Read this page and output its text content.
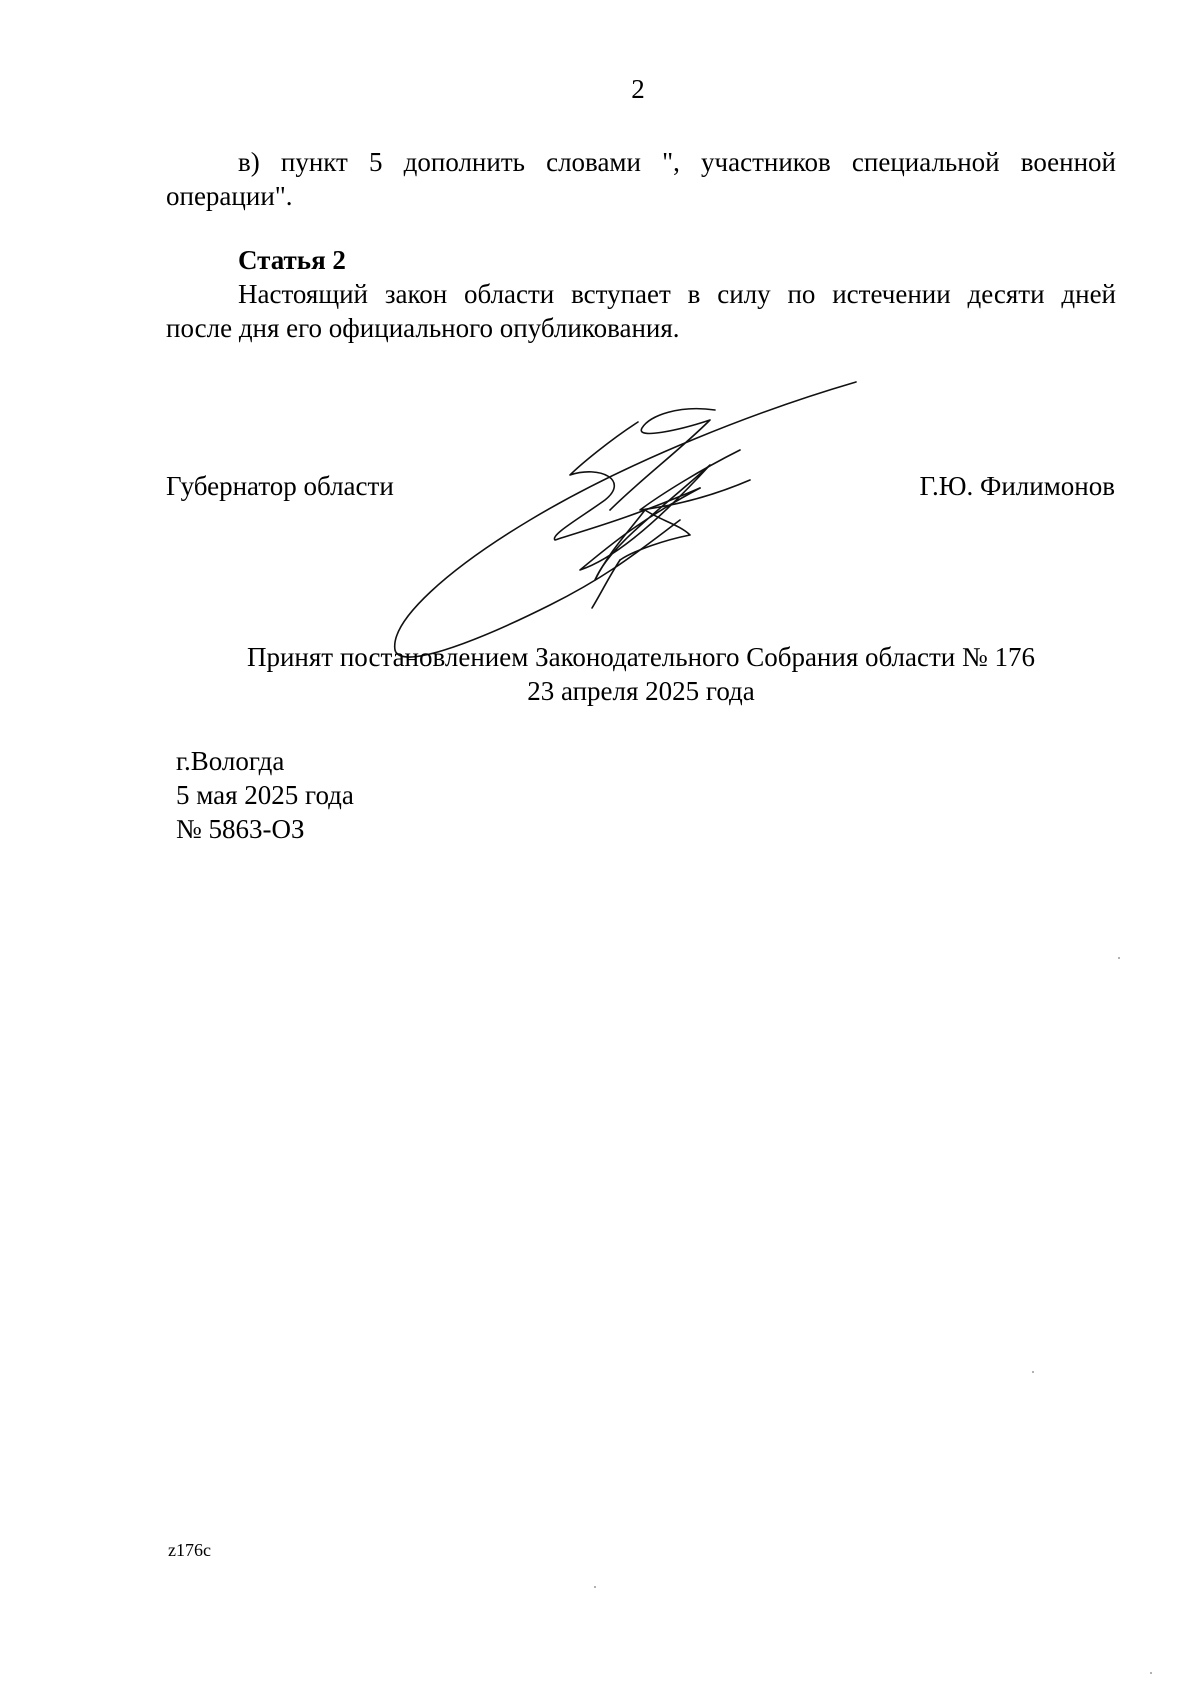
2
в) пункт 5 дополнить словами ", участников специальной военной
операции".
Статья 2
Настоящий закон области вступает в силу по истечении десяти дней
после дня его официального опубликования.
Губернатор области	Г.Ю. Филимонов
Принят постановлением Законодательного Собрания области № 176
23 апреля 2025 года
г.Вологда
5 мая 2025 года
№ 5863-ОЗ
z176c
